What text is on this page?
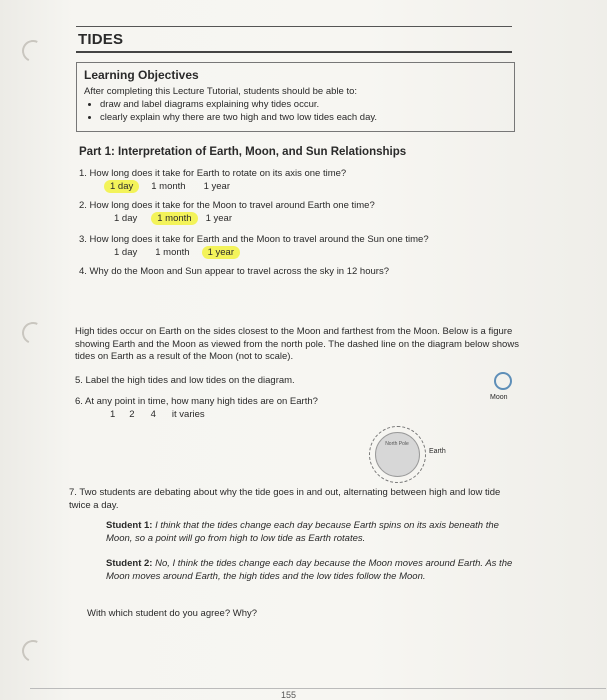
TIDES
Learning Objectives
After completing this Lecture Tutorial, students should be able to:
• draw and label diagrams explaining why tides occur.
• clearly explain why there are two high and two low tides each day.
Part 1: Interpretation of Earth, Moon, and Sun Relationships
1. How long does it take for Earth to rotate on its axis one time?
1 day	1 month	1 year
2. How long does it take for the Moon to travel around Earth one time?
1 day	1 month	1 year
3. How long does it take for Earth and the Moon to travel around the Sun one time?
1 day	1 month	1 year
4. Why do the Moon and Sun appear to travel across the sky in 12 hours?
High tides occur on Earth on the sides closest to the Moon and farthest from the Moon. Below is a figure showing Earth and the Moon as viewed from the north pole. The dashed line on the diagram below shows tides on Earth as a result of the Moon (not to scale).
5. Label the high tides and low tides on the diagram.
6. At any point in time, how many high tides are on Earth?
1	2	4	it varies
Moon
North Pole
Earth
7. Two students are debating about why the tide goes in and out, alternating between high and low tide twice a day.
Student 1: I think that the tides change each day because Earth spins on its axis beneath the Moon, so a point will go from high to low tide as Earth rotates.
Student 2: No, I think the tides change each day because the Moon moves around Earth. As the Moon moves around Earth, the high tides and the low tides follow the Moon.
With which student do you agree? Why?
155
